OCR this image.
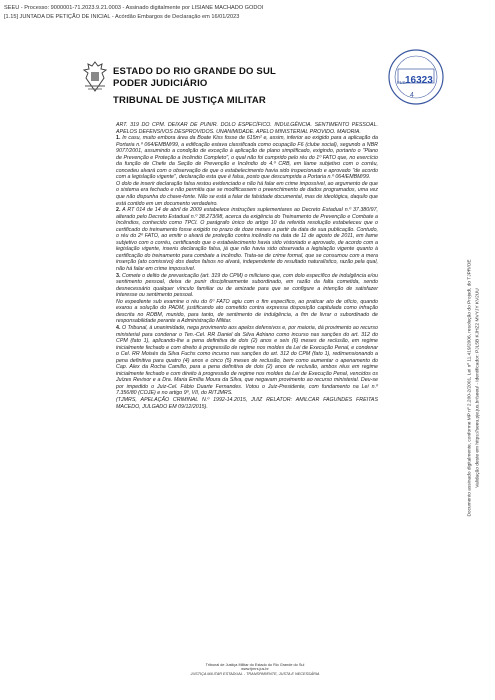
SEEU - Processo: 9000001-71.2023.9.21.0003 - Assinado digitalmente por LISIANE MACHADO GODOI
[1.15] JUNTADA DE PETIÇÃO DE INICIAL - Acórdão Embargos de Declaração em 16/01/2023
ESTADO DO RIO GRANDE DO SUL
PODER JUDICIÁRIO
TRIBUNAL DE JUSTIÇA MILITAR
FLS.
16323
4
Documento assinado digitalmente, conforme MP nº 2.200-2/2001, Lei nº 11.419/2006, resolução do Projudi, do TJPR/OE Validação deste em https://seeu.pje.jus.br/seeu/ - Identificador: PJL5B KJHZ2 MVYJY KV2UU

ART. 319 DO CPM. DEIXAR DE PUNIR. DOLO ESPECÍFICO. INDULGÊNCIA. SENTIMENTO PESSOAL. APELOS DEFENSIVOS DESPROVIDOS. UNANIMIDADE. APELO MINISTERIAL PROVIDO. MAIORIA.

1. In casu, muito embora área da Boate Kiss fosse de 615m² e, assim, inferior ao exigido para a aplicação da Portaria n.º 064/EMBM/99, a edificação estava classificada como ocupação F6 (clube social), segundo a NBR 9077/2001, assumindo a condição de exceção à aplicação de plano simplificado, exigindo, portanto o "Plano de Prevenção e Proteção a Incêndio Completo", o qual não foi cumprido pelo réu do 1º FATO que, no exercício da função de Chefe da Seção de Prevenção e Incêndio do 4.º CRB, em liame subjetivo com o corréu, concedeu alvará com o observação de que o estabelecimento havia sido inspecionado e aprovado "de acordo com a legislação vigente", declaração esta que é falsa, posto que descumprida a Portaria n.º 064/EMBM/99.

O dolo de inserir declaração falsa restou evidenciado e não há falar em crime impossível, ao argumento de que o sistema era fechado e não permitia que se modificassem o preenchimento de dados programados, uma vez que não dispunha do chave-fonte. Não se está a falar de falsidade documental, mas de ideológica, daquilo que está contido em um documento verdadeiro.

2. A RT 014 de 14 de abril de 2009 estabelece instruções suplementares ao Decreto Estadual n.º 37.380/97, alterado pelo Decreto Estadual n.º 38.273/98, acerca da exigência do Treinamento de Prevenção e Combate a Incêndios, conhecido como TPCI. O parágrafo único do artigo 10 da referida resolução estabeleceu que o certificado do treinamento fosse exigido no prazo de doze meses a partir da data de sua publicação. Contudo, o réu do 2º FATO, ao emitir o alvará de proteção contra incêndio na data de 11 de agosto de 2011, em liame subjetivo com o corréu, certificando que o estabelecimento havia sido vistoriado e aprovado, de acordo com a legislação vigente, inseriu declaração falsa, já que não havia sido observada a legislação vigente quanto à certificação do treinamento para combate a incêndio. Trata-se de crime formal, que se consumou com a mera inserção (ato comissivo) dos dados falsos no alvará, independente do resultado naturalístico, razão pela qual, não há falar em crime impossível.

3. Comete o delito de prevaricação (art. 319 do CPM) o miliciano que, com dolo específico de indulgência e/ou sentimento pessoal, deixa de punir disciplinarmente subordinado, em razão da falta cometida, sendo desnecessário qualquer vínculo familiar ou de amizade para que se configure a intenção de satisfazer interesse ou sentimento pessoal.

No expediente sub examine o réu do 6º FATO agiu com o fim específico, ao praticar ato de ofício, quando exarou a solução do PADM, justificando ato cometido contra expressa disposição capitulada como infração descrita no RDBM, munido, para tanto, de sentimento de indulgência, a fim de livrar o subordinado de responsabilidade perante a Administração Militar.

4. O Tribunal, à unanimidade, nega provimento aos apelos defensivos e, por maioria, dá provimento ao recurso ministerial para condenar o Ten.-Cel. RR Daniel da Silva Adriano como incurso nas sanções do art. 312 do CPM (fato 1), aplicando-lhe a pena definitiva de dois (2) anos e seis (6) meses de reclusão, em regime inicialmente fechado e com direito à progressão de regime nos moldes da Lei de Execução Penal, e condenar o Cel. RR Moisés da Silva Fuchs como incurso nas sanções do art. 312 do CPM (fato 1), redimensionando a pena definitiva para quatro (4) anos e cinco (5) meses de reclusão, bem como aumentar o apenamento do Cap. Alex da Rocha Camillo, para a pena definitiva de dois (2) anos de reclusão, ambos réus em regime inicialmente fechado e com direito à progressão de regime nos moldes da Lei de Execução Penal, vencidos os Juízes Revisor e a Dra. Maria Emília Moura da Silva, que negavam provimento ao recurso ministerial. Deu-se por impedido o Juiz-Cel. Fábio Duarte Fernandes. Votou o Juiz-Presidente, com fundamento na Lei n.º 7.356/80 (COJE) e no artigo 9º, VII, do RITJMRS.

(TJMRS, APELAÇÃO CRIMINAL N.º 1992-14.2015, JUIZ RELATOR: AMILCAR FAGUNDES FREITAS MACEDO, JULGADO EM 09/12/2015).

Tribunal de Justiça Militar do Estado do Rio Grande do Sul
www.tjmrs.jus.br
JUSTIÇA MILITAR ESTADUAL - TRANSPARENTE, JUSTA E NECESSÁRIA
